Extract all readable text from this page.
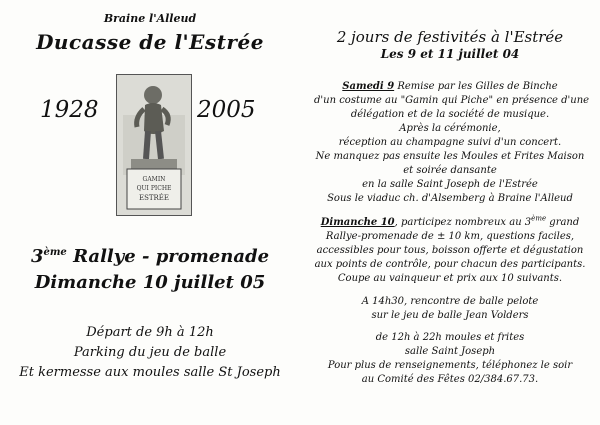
Braine l'Alleud
Ducasse de l'Estrée
1928	2005
GAMIN
QUI PICHE
ESTRÉE
3ème Rallye - promenade
Dimanche 10 juillet 05
Départ de 9h à 12h
Parking du jeu de balle
Et kermesse aux moules salle St Joseph
2 jours de festivités à l'Estrée
Les 9 et 11 juillet 04
Samedi 9 Remise par les Gilles de Binche
d'un costume au "Gamin qui Piche" en présence d'une
délégation et de la société de musique.
Après la cérémonie,
réception au champagne suivi d'un concert.
Ne manquez pas ensuite les Moules et Frites Maison
et soirée dansante
en la salle Saint Joseph de l'Estrée
Sous le viaduc ch. d'Alsemberg à Braine l'Alleud
Dimanche 10, participez nombreux au 3ème grand
Rallye-promenade de ± 10 km, questions faciles,
accessibles pour tous, boisson offerte et dégustation
aux points de contrôle, pour chacun des participants.
Coupe au vainqueur et prix aux 10 suivants.
A 14h30, rencontre de balle pelote
sur le jeu de balle Jean Volders
de 12h à 22h moules et frites
salle Saint Joseph
Pour plus de renseignements, téléphonez le soir
au Comité des Fêtes 02/384.67.73.
